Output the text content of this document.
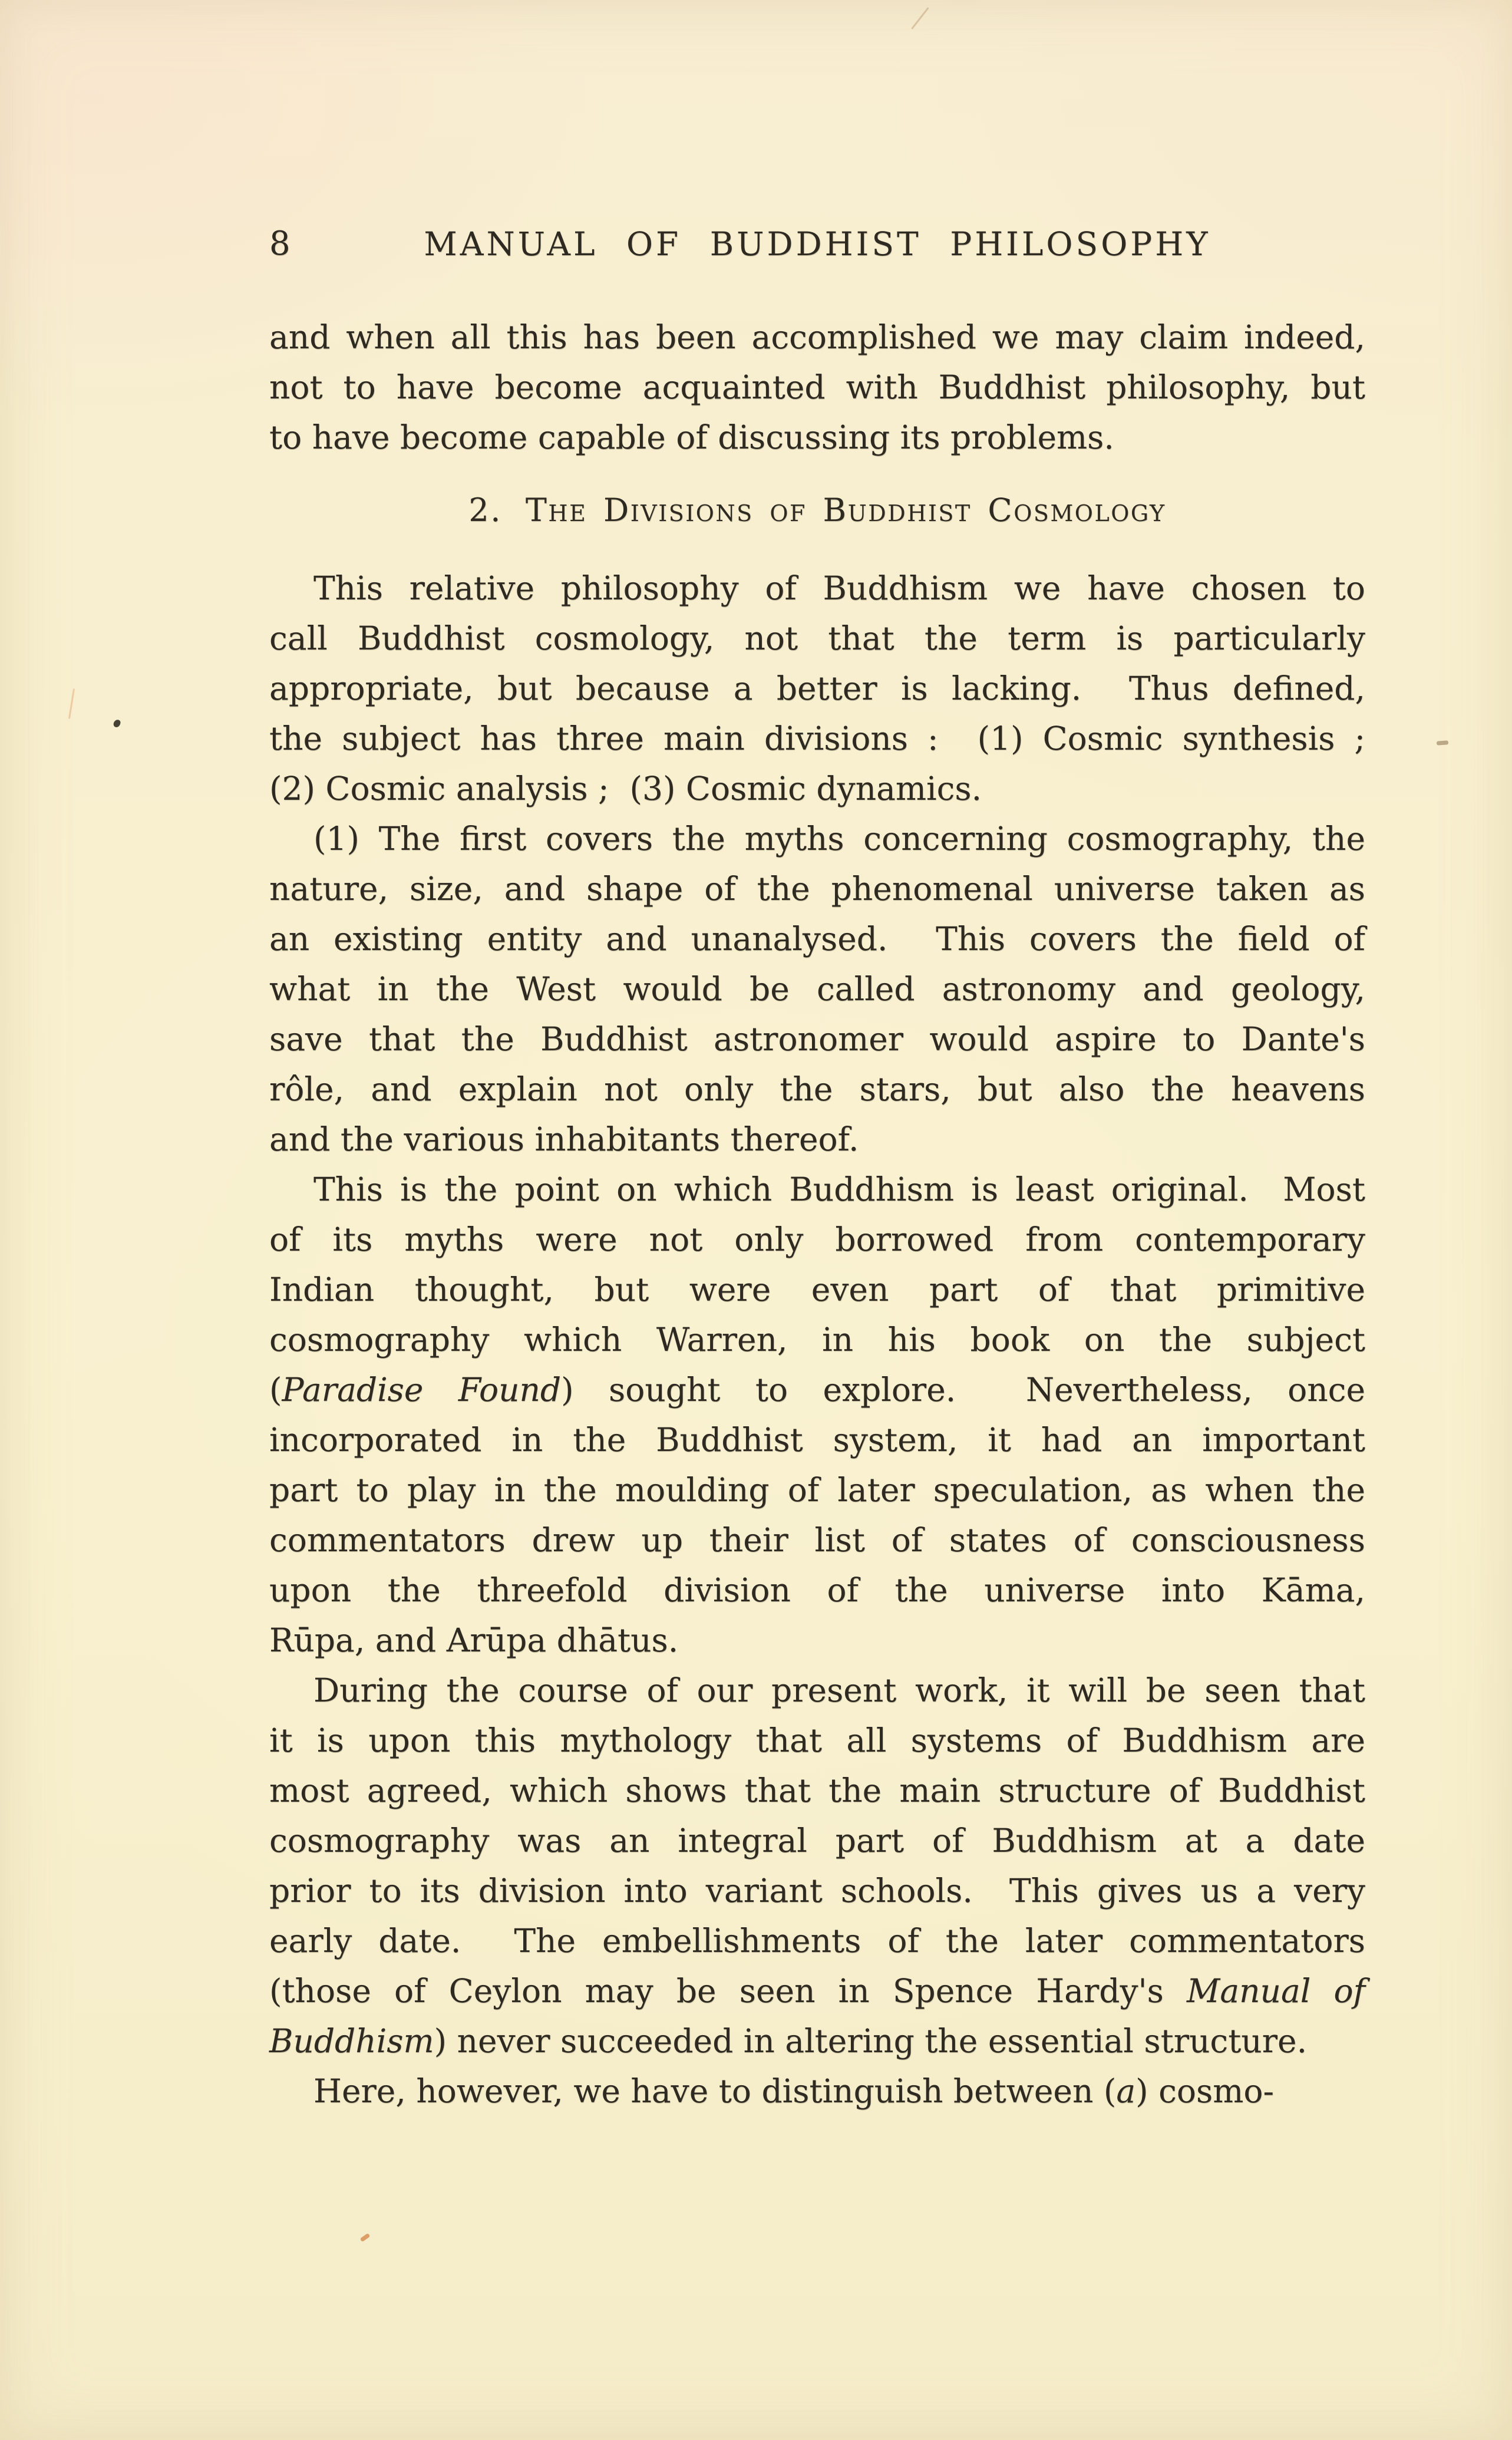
8	MANUAL OF BUDDHIST PHILOSOPHY
and when all this has been accomplished we may claim indeed,
not to have become acquainted with Buddhist philosophy, but
to have become capable of discussing its problems.
2. The Divisions of Buddhist Cosmology
This relative philosophy of Buddhism we have chosen to
call Buddhist cosmology, not that the term is particularly
appropriate, but because a better is lacking.  Thus defined,
the subject has three main divisions :  (1) Cosmic synthesis ;
(2) Cosmic analysis ;  (3) Cosmic dynamics.
(1) The first covers the myths concerning cosmography, the
nature, size, and shape of the phenomenal universe taken as
an existing entity and unanalysed.  This covers the field of
what in the West would be called astronomy and geology,
save that the Buddhist astronomer would aspire to Dante's
rôle, and explain not only the stars, but also the heavens
and the various inhabitants thereof.
This is the point on which Buddhism is least original.  Most
of its myths were not only borrowed from contemporary
Indian thought, but were even part of that primitive
cosmography which Warren, in his book on the subject
(Paradise Found) sought to explore.  Nevertheless, once
incorporated in the Buddhist system, it had an important
part to play in the moulding of later speculation, as when the
commentators drew up their list of states of consciousness
upon the threefold division of the universe into Kāma,
Rūpa, and Arūpa dhātus.
During the course of our present work, it will be seen that
it is upon this mythology that all systems of Buddhism are
most agreed, which shows that the main structure of Buddhist
cosmography was an integral part of Buddhism at a date
prior to its division into variant schools.  This gives us a very
early date.  The embellishments of the later commentators
(those of Ceylon may be seen in Spence Hardy's Manual of
Buddhism) never succeeded in altering the essential structure.
Here, however, we have to distinguish between (a) cosmo-
